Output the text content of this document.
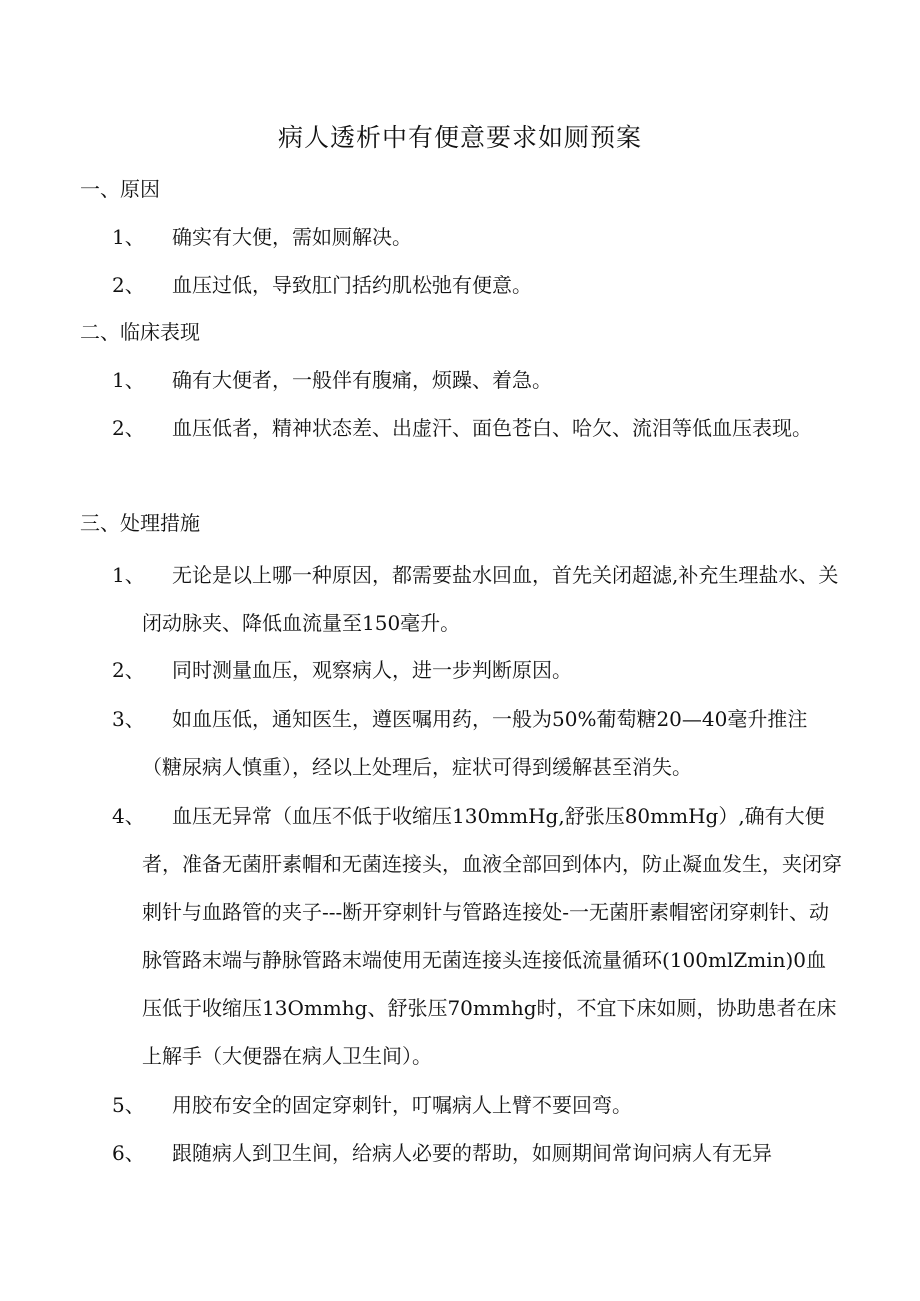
病人透析中有便意要求如厕预案
一、原因
1、	确实有大便，需如厕解决。
2、	血压过低，导致肛门括约肌松弛有便意。
二、临床表现
1、	确有大便者，一般伴有腹痛，烦躁、着急。
2、	血压低者，精神状态差、出虚汗、面色苍白、哈欠、流泪等低血压表现。
三、处理措施
1、	无论是以上哪一种原因，都需要盐水回血，首先关闭超滤,补充生理盐水、关闭动脉夹、降低血流量至150毫升。
2、	同时测量血压，观察病人，进一步判断原因。
3、	如血压低，通知医生，遵医嘱用药，一般为50%葡萄糖20—40毫升推注（糖尿病人慎重），经以上处理后，症状可得到缓解甚至消失。
4、	血压无异常（血压不低于收缩压130mmHg,舒张压80mmHg）,确有大便者，准备无菌肝素帽和无菌连接头，血液全部回到体内，防止凝血发生，夹闭穿刺针与血路管的夹子---断开穿刺针与管路连接处-一无菌肝素帽密闭穿刺针、动脉管路末端与静脉管路末端使用无菌连接头连接低流量循环(100mlZmin)0血压低于收缩压13Ommhg、舒张压70mmhg时，不宜下床如厕，协助患者在床上解手（大便器在病人卫生间）。
5、	用胶布安全的固定穿刺针，叮嘱病人上臂不要回弯。
6、	跟随病人到卫生间，给病人必要的帮助，如厕期间常询问病人有无异
